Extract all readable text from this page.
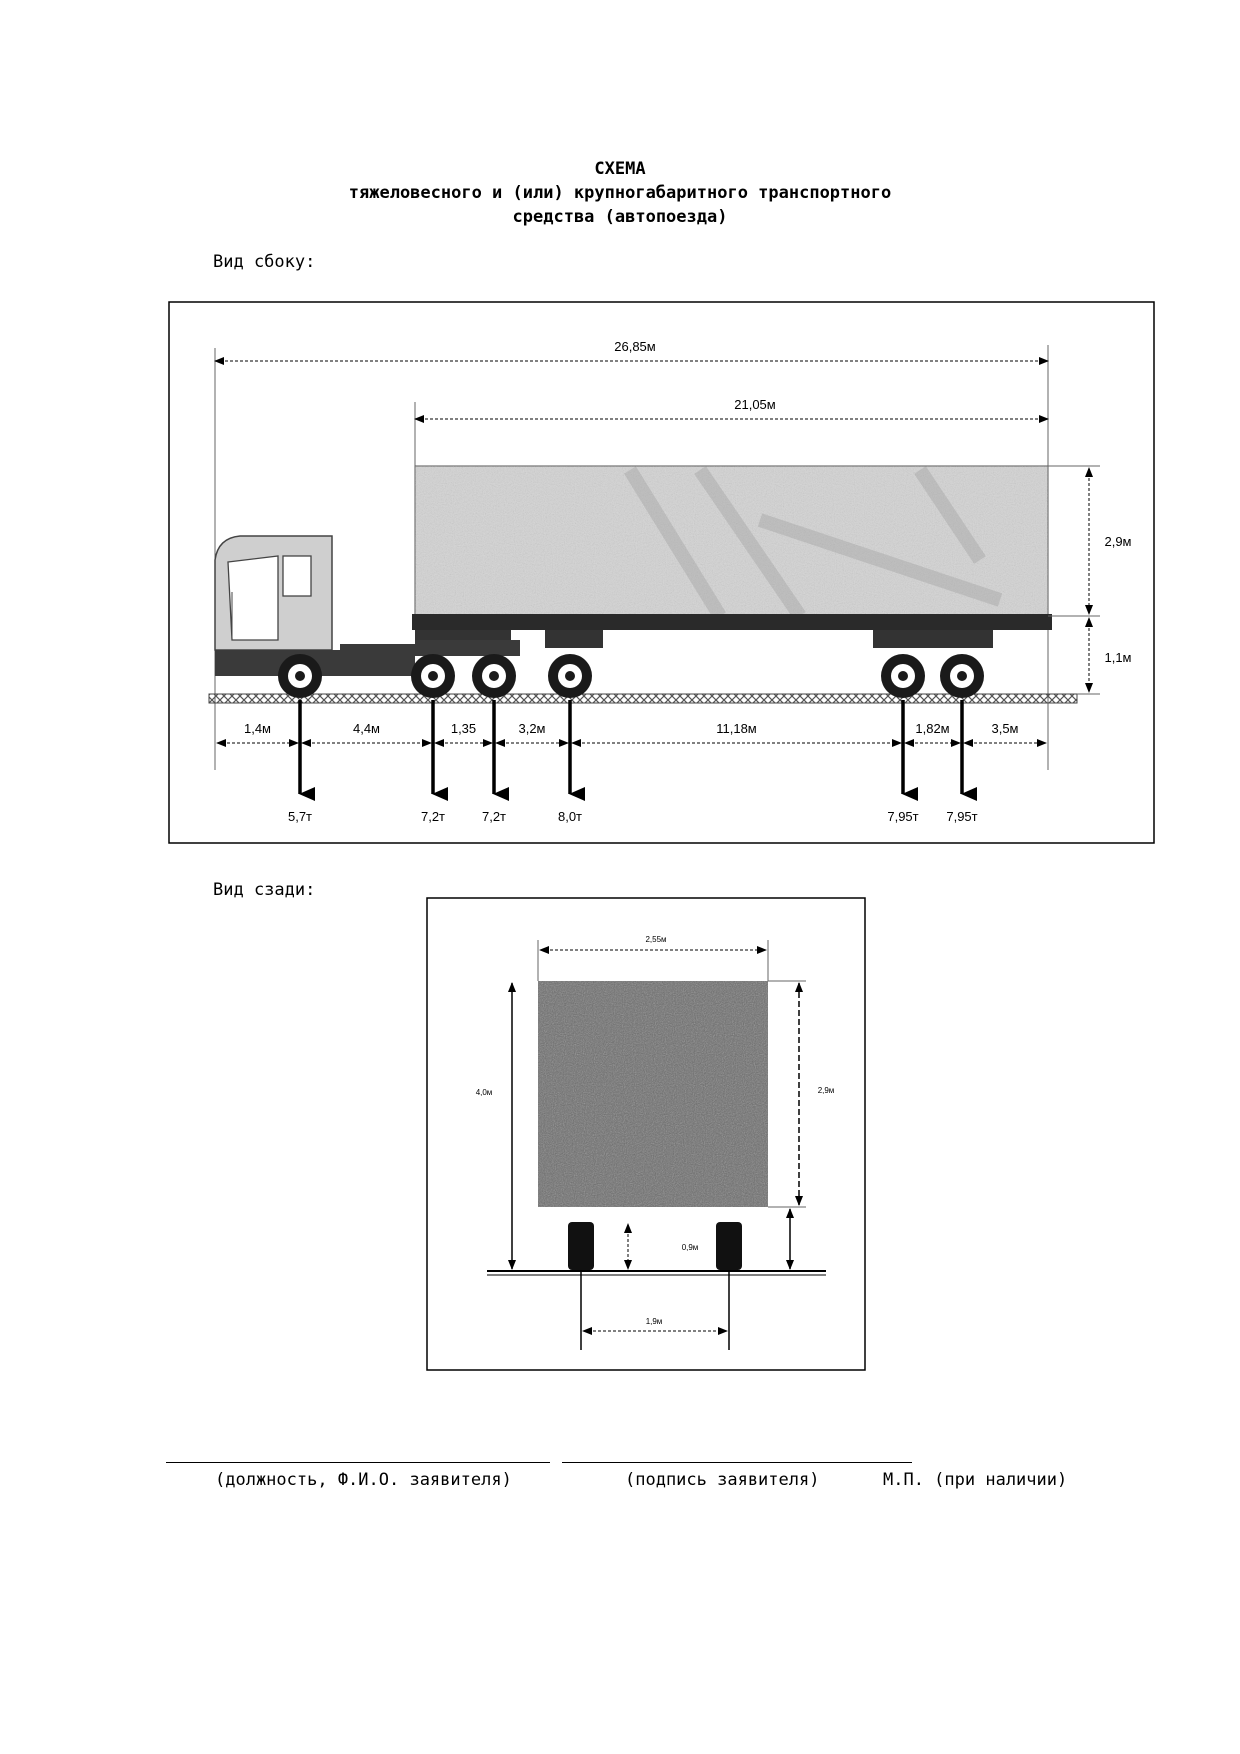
СХЕМА
тяжеловесного и (или) крупногабаритного транспортного
средства (автопоезда)
Вид сбоку:
Вид сзади:
26,85м
21,05м
2,9м
1,1м
1,4м	4,4м	1,35	3,2м	11,18м	1,82м	3,5м
5,7т	7,2т	7,2т	8,0т	7,95т 7,95т
2,55м
4,0м	2,9м
0,9м
1,9м
(должность, Ф.И.О. заявителя)	(подпись заявителя)	М.П. (при наличии)
